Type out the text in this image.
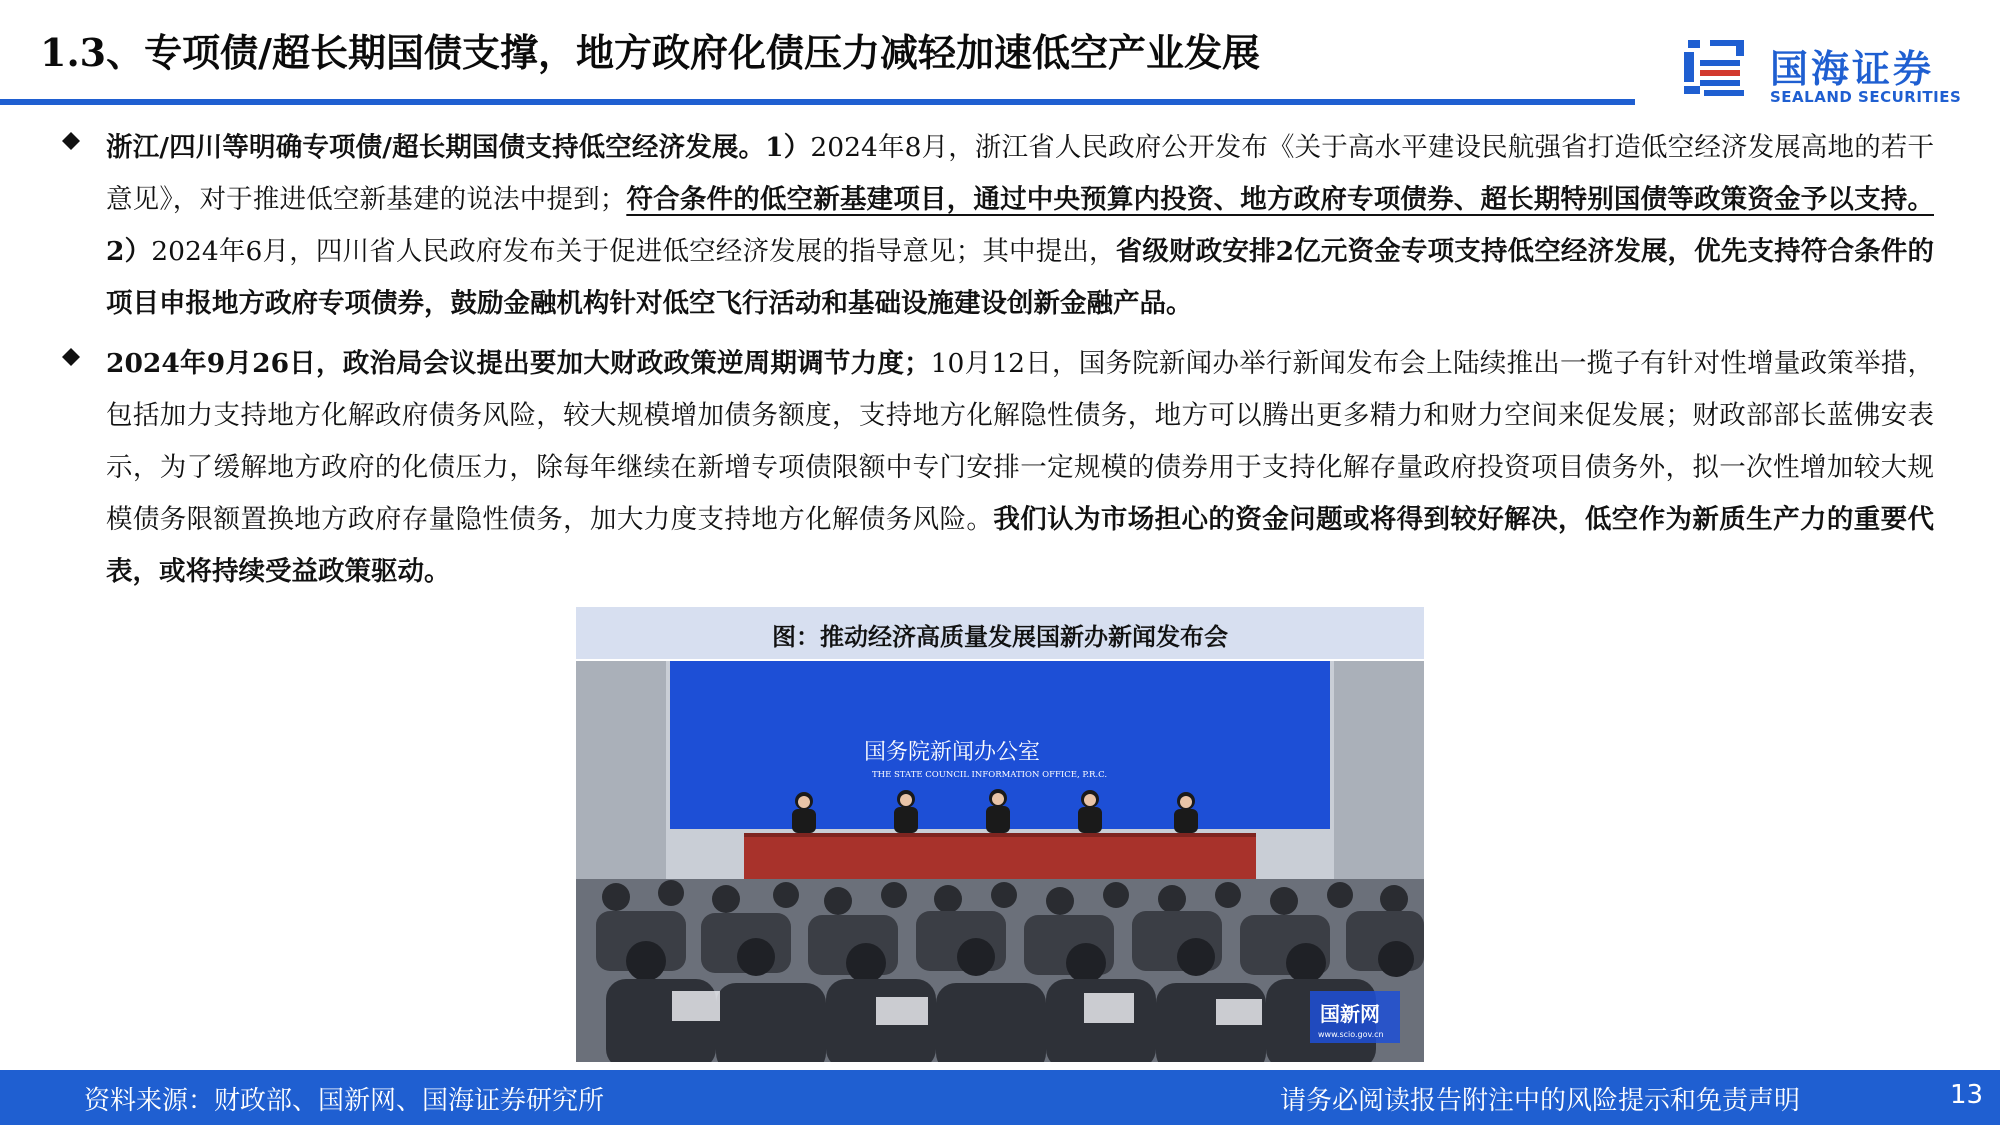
1.3、专项债/超长期国债支撑，地方政府化债压力减轻加速低空产业发展	国海证券
SEALAND SECURITIES
浙江/四川等明确专项债/超长期国债支持低空经济发展。1）2024年8月，浙江省人民政府公开发布《关于高水平建设民航强省打造低空经济发展高地的若干意见》，对于推进低空新基建的说法中提到；符合条件的低空新基建项目，通过中央预算内投资、地方政府专项债券、超长期特别国债等政策资金予以支持。2）2024年6月，四川省人民政府发布关于促进低空经济发展的指导意见；其中提出，省级财政安排2亿元资金专项支持低空经济发展，优先支持符合条件的项目申报地方政府专项债券，鼓励金融机构针对低空飞行活动和基础设施建设创新金融产品。
2024年9月26日，政治局会议提出要加大财政政策逆周期调节力度；10月12日，国务院新闻办举行新闻发布会上陆续推出一揽子有针对性增量政策举措，包括加力支持地方化解政府债务风险，较大规模增加债务额度，支持地方化解隐性债务，地方可以腾出更多精力和财力空间来促发展；财政部部长蓝佛安表示，为了缓解地方政府的化债压力，除每年继续在新增专项债限额中专门安排一定规模的债券用于支持化解存量政府投资项目债务外，拟一次性增加较大规模债务限额置换地方政府存量隐性债务，加大力度支持地方化解债务风险。我们认为市场担心的资金问题或将得到较好解决，低空作为新质生产力的重要代表，或将持续受益政策驱动。
图：推动经济高质量发展国新办新闻发布会
国务院新闻办公室
THE STATE COUNCIL INFORMATION OFFICE, P.R.C.
国新网
www.scio.gov.cn
资料来源：财政部、国新网、国海证券研究所	请务必阅读报告附注中的风险提示和免责声明	13
